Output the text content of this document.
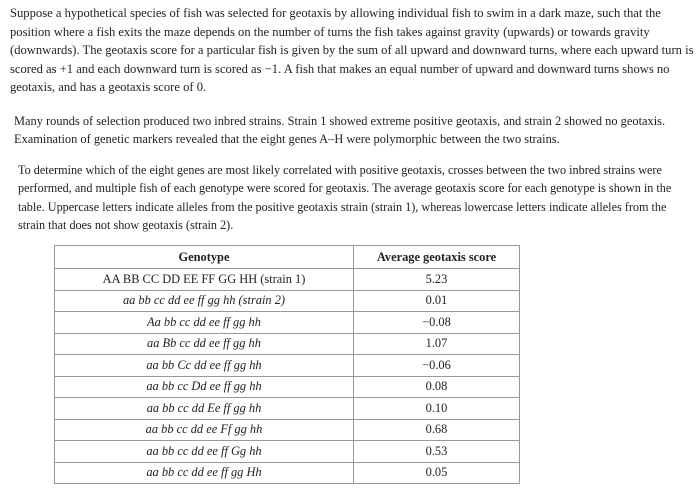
Suppose a hypothetical species of fish was selected for geotaxis by allowing individual fish to swim in a dark maze, such that the position where a fish exits the maze depends on the number of turns the fish takes against gravity (upwards) or towards gravity (downwards). The geotaxis score for a particular fish is given by the sum of all upward and downward turns, where each upward turn is scored as +1 and each downward turn is scored as −1. A fish that makes an equal number of upward and downward turns shows no geotaxis, and has a geotaxis score of 0.

Many rounds of selection produced two inbred strains. Strain 1 showed extreme positive geotaxis, and strain 2 showed no geotaxis. Examination of genetic markers revealed that the eight genes A–H were polymorphic between the two strains.

To determine which of the eight genes are most likely correlated with positive geotaxis, crosses between the two inbred strains were performed, and multiple fish of each genotype were scored for geotaxis. The average geotaxis score for each genotype is shown in the table. Uppercase letters indicate alleles from the positive geotaxis strain (strain 1), whereas lowercase letters indicate alleles from the strain that does not show geotaxis (strain 2).

Genotype	Average geotaxis score
AA BB CC DD EE FF GG HH (strain 1)	5.23
aa bb cc dd ee ff gg hh (strain 2)	0.01
Aa bb cc dd ee ff gg hh	−0.08
aa Bb cc dd ee ff gg hh	1.07
aa bb Cc dd ee ff gg hh	−0.06
aa bb cc Dd ee ff gg hh	0.08
aa bb cc dd Ee ff gg hh	0.10
aa bb cc dd ee Ff gg hh	0.68
aa bb cc dd ee ff Gg hh	0.53
aa bb cc dd ee ff gg Hh	0.05
